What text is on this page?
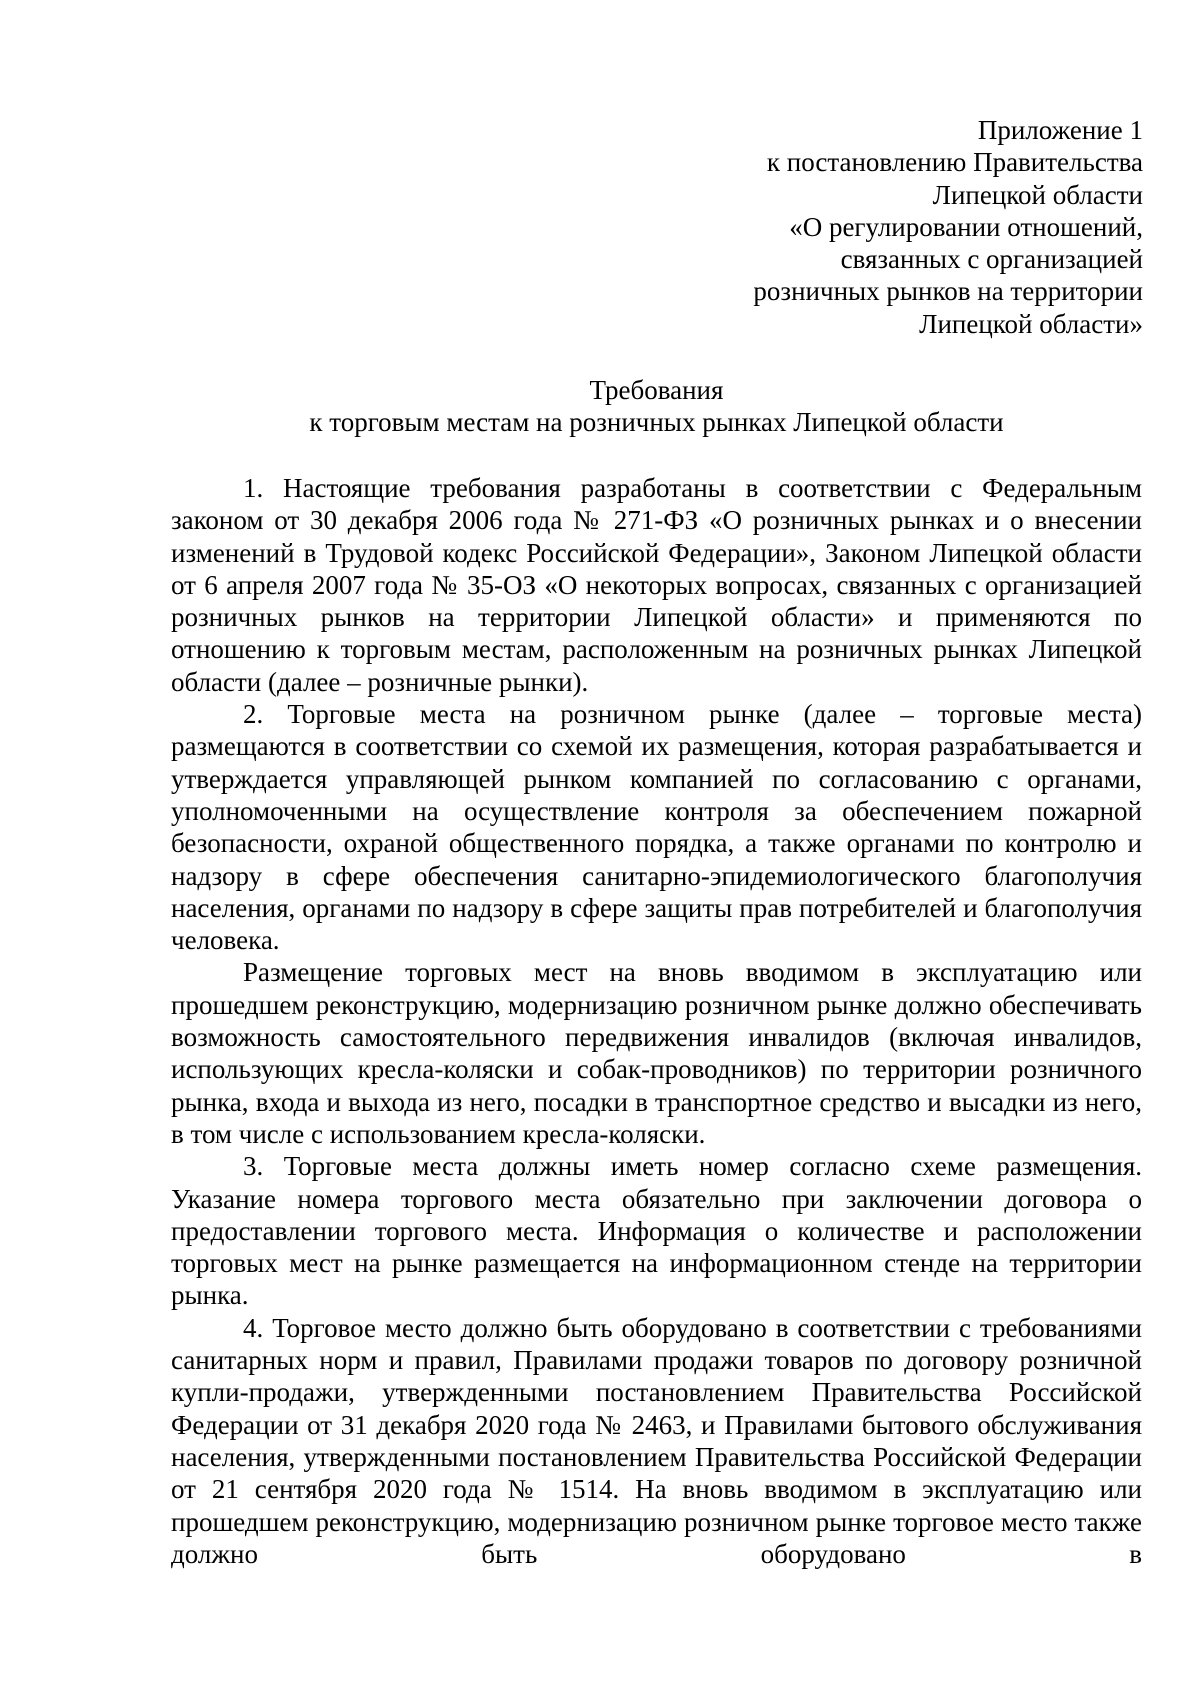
Приложение 1
к постановлению Правительства
Липецкой области
«О регулировании отношений,
связанных с организацией
розничных рынков на территории
Липецкой области»
Требования
к торговым местам на розничных рынках Липецкой области

1. Настоящие требования разработаны в соответствии с Федеральным законом от 30 декабря 2006 года № 271-ФЗ «О розничных рынках и о внесении изменений в Трудовой кодекс Российской Федерации», Законом Липецкой области от 6 апреля 2007 года № 35-ОЗ «О некоторых вопросах, связанных с организацией розничных рынков на территории Липецкой области» и применяются по отношению к торговым местам, расположенным на розничных рынках Липецкой области (далее – розничные рынки).

2. Торговые места на розничном рынке (далее – торговые места) размещаются в соответствии со схемой их размещения, которая разрабатывается и утверждается управляющей рынком компанией по согласованию с органами, уполномоченными на осуществление контроля за обеспечением пожарной безопасности, охраной общественного порядка, а также органами по контролю и надзору в сфере обеспечения санитарно-эпидемиологического благополучия населения, органами по надзору в сфере защиты прав потребителей и благополучия человека.

Размещение торговых мест на вновь вводимом в эксплуатацию или прошедшем реконструкцию, модернизацию розничном рынке должно обеспечивать возможность самостоятельного передвижения инвалидов (включая инвалидов, использующих кресла-коляски и собак-проводников) по территории розничного рынка, входа и выхода из него, посадки в транспортное средство и высадки из него, в том числе с использованием кресла-коляски.

3. Торговые места должны иметь номер согласно схеме размещения. Указание номера торгового места обязательно при заключении договора о предоставлении торгового места. Информация о количестве и расположении торговых мест на рынке размещается на информационном стенде на территории рынка.

4. Торговое место должно быть оборудовано в соответствии с требованиями санитарных норм и правил, Правилами продажи товаров по договору розничной купли-продажи, утвержденными постановлением Правительства Российской Федерации от 31 декабря 2020 года № 2463, и Правилами бытового обслуживания населения, утвержденными постановлением Правительства Российской Федерации от 21 сентября 2020 года № 1514. На вновь вводимом в эксплуатацию или прошедшем реконструкцию, модернизацию розничном рынке торговое место также должно быть оборудовано в
